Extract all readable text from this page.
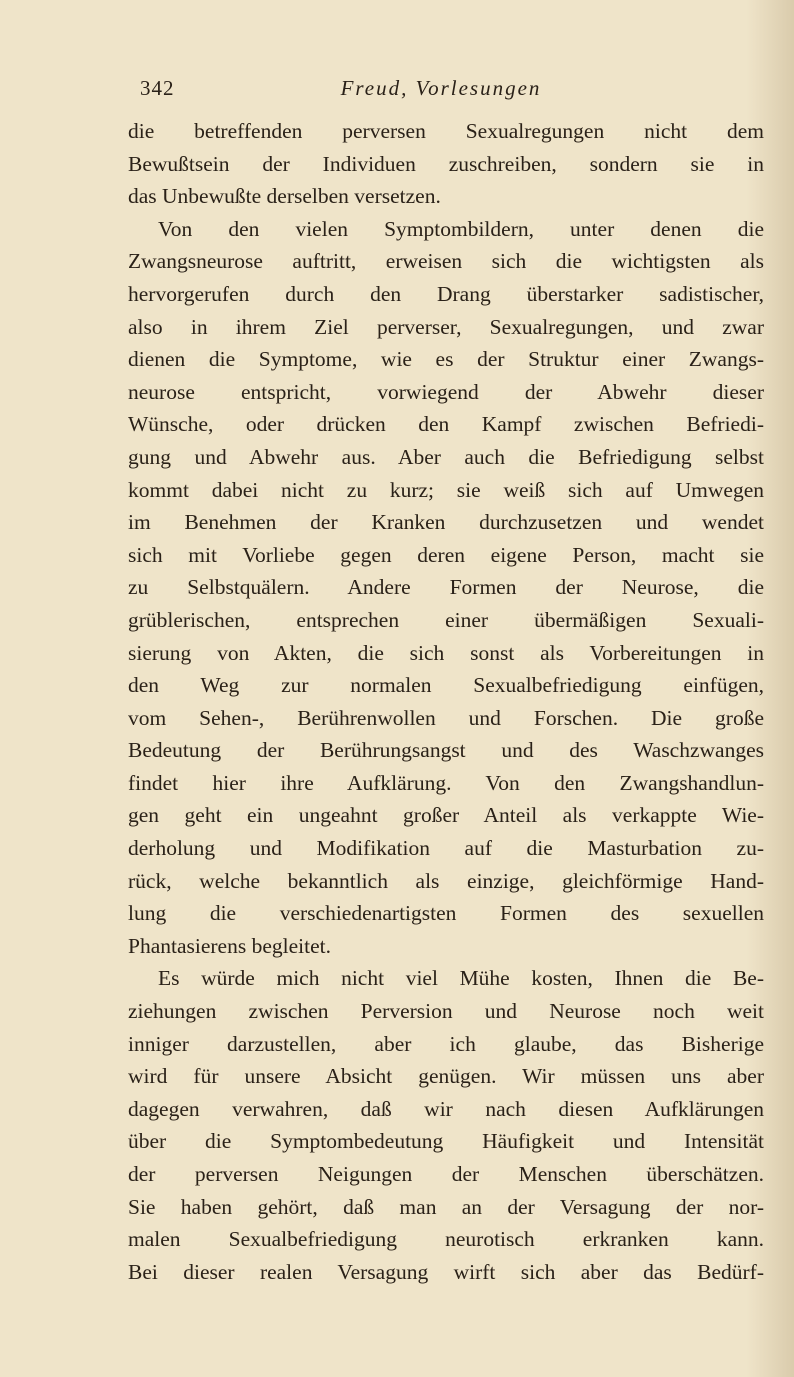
342	Freud, Vorlesungen
die betreffenden perversen Sexualregungen nicht dem
Bewußtsein der Individuen zuschreiben, sondern sie in
das Unbewußte derselben versetzen.
Von den vielen Symptombildern, unter denen die
Zwangsneurose auftritt, erweisen sich die wichtigsten als
hervorgerufen durch den Drang überstarker sadistischer,
also in ihrem Ziel perverser, Sexualregungen, und zwar
dienen die Symptome, wie es der Struktur einer Zwangs-
neurose entspricht, vorwiegend der Abwehr dieser
Wünsche, oder drücken den Kampf zwischen Befriedi-
gung und Abwehr aus. Aber auch die Befriedigung selbst
kommt dabei nicht zu kurz; sie weiß sich auf Umwegen
im Benehmen der Kranken durchzusetzen und wendet
sich mit Vorliebe gegen deren eigene Person, macht sie
zu Selbstquälern. Andere Formen der Neurose, die
grüblerischen, entsprechen einer übermäßigen Sexuali-
sierung von Akten, die sich sonst als Vorbereitungen in
den Weg zur normalen Sexualbefriedigung einfügen,
vom Sehen-, Berührenwollen und Forschen. Die große
Bedeutung der Berührungsangst und des Waschzwanges
findet hier ihre Aufklärung. Von den Zwangshandlun-
gen geht ein ungeahnt großer Anteil als verkappte Wie-
derholung und Modifikation auf die Masturbation zu-
rück, welche bekanntlich als einzige, gleichförmige Hand-
lung die verschiedenartigsten Formen des sexuellen
Phantasierens begleitet.
Es würde mich nicht viel Mühe kosten, Ihnen die Be-
ziehungen zwischen Perversion und Neurose noch weit
inniger darzustellen, aber ich glaube, das Bisherige
wird für unsere Absicht genügen. Wir müssen uns aber
dagegen verwahren, daß wir nach diesen Aufklärungen
über die Symptombedeutung Häufigkeit und Intensität
der perversen Neigungen der Menschen überschätzen.
Sie haben gehört, daß man an der Versagung der nor-
malen Sexualbefriedigung neurotisch erkranken kann.
Bei dieser realen Versagung wirft sich aber das Bedürf-
